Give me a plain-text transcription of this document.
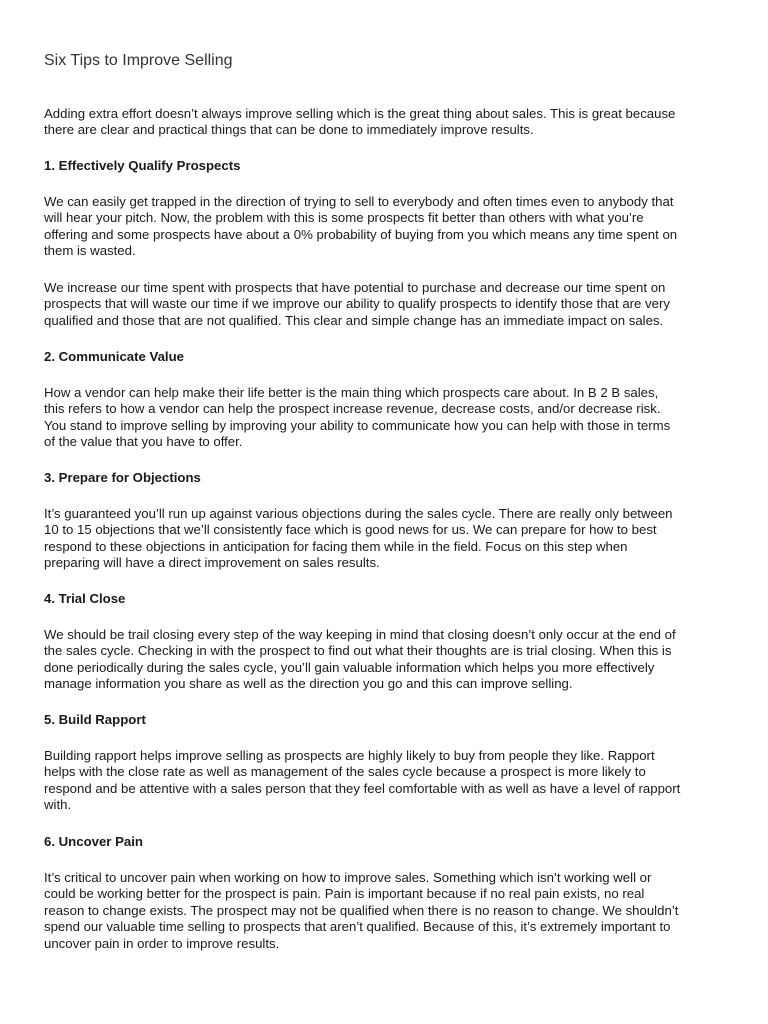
Six Tips to Improve Selling

Adding extra effort doesn’t always improve selling which is the great thing about sales. This is great because
there are clear and practical things that can be done to immediately improve results.

1. Effectively Qualify Prospects

We can easily get trapped in the direction of trying to sell to everybody and often times even to anybody that
will hear your pitch. Now, the problem with this is some prospects fit better than others with what you’re
offering and some prospects have about a 0% probability of buying from you which means any time spent on
them is wasted.

We increase our time spent with prospects that have potential to purchase and decrease our time spent on
prospects that will waste our time if we improve our ability to qualify prospects to identify those that are very
qualified and those that are not qualified. This clear and simple change has an immediate impact on sales.

2. Communicate Value

How a vendor can help make their life better is the main thing which prospects care about. In B 2 B sales,
this refers to how a vendor can help the prospect increase revenue, decrease costs, and/or decrease risk.
You stand to improve selling by improving your ability to communicate how you can help with those in terms
of the value that you have to offer.

3. Prepare for Objections

It’s guaranteed you’ll run up against various objections during the sales cycle. There are really only between
10 to 15 objections that we’ll consistently face which is good news for us. We can prepare for how to best
respond to these objections in anticipation for facing them while in the field. Focus on this step when
preparing will have a direct improvement on sales results.

4. Trial Close

We should be trail closing every step of the way keeping in mind that closing doesn’t only occur at the end of
the sales cycle. Checking in with the prospect to find out what their thoughts are is trial closing. When this is
done periodically during the sales cycle, you’ll gain valuable information which helps you more effectively
manage information you share as well as the direction you go and this can improve selling.

5. Build Rapport

Building rapport helps improve selling as prospects are highly likely to buy from people they like. Rapport
helps with the close rate as well as management of the sales cycle because a prospect is more likely to
respond and be attentive with a sales person that they feel comfortable with as well as have a level of rapport
with.

6. Uncover Pain

It’s critical to uncover pain when working on how to improve sales. Something which isn’t working well or
could be working better for the prospect is pain. Pain is important because if no real pain exists, no real
reason to change exists. The prospect may not be qualified when there is no reason to change. We shouldn’t
spend our valuable time selling to prospects that aren’t qualified. Because of this, it’s extremely important to
uncover pain in order to improve results.
